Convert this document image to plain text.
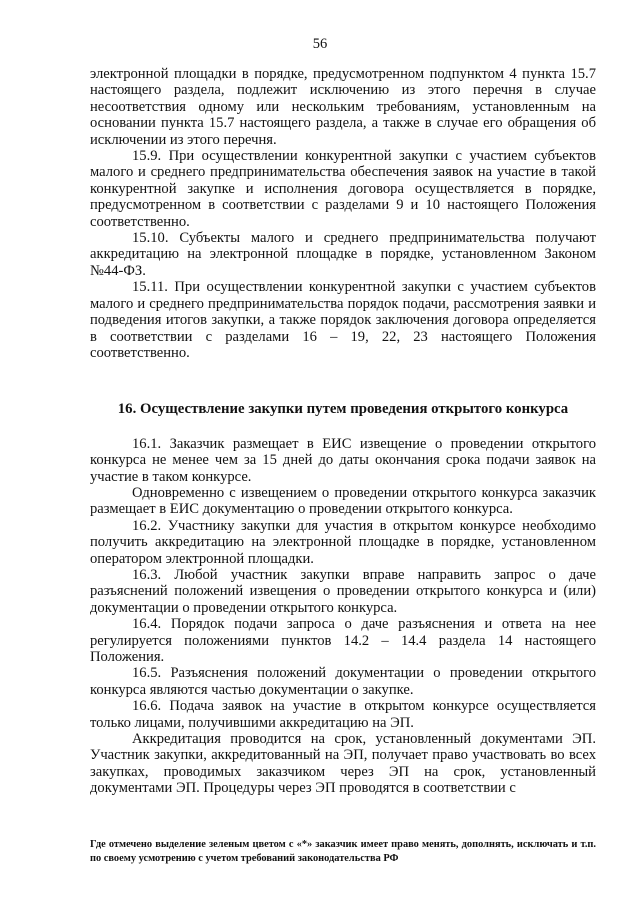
56

электронной площадки в порядке, предусмотренном подпунктом 4 пункта 15.7 настоящего раздела, подлежит исключению из этого перечня в случае несоответствия одному или нескольким требованиям, установленным на основании пункта 15.7 настоящего раздела, а также в случае его обращения об исключении из этого перечня.

15.9. При осуществлении конкурентной закупки с участием субъектов малого и среднего предпринимательства обеспечения заявок на участие в такой конкурентной закупке и исполнения договора осуществляется в порядке, предусмотренном в соответствии с разделами 9 и 10 настоящего Положения соответственно.

15.10. Субъекты малого и среднего предпринимательства получают аккредитацию на электронной площадке в порядке, установленном Законом №44-ФЗ.

15.11. При осуществлении конкурентной закупки с участием субъектов малого и среднего предпринимательства порядок подачи, рассмотрения заявки и подведения итогов закупки, а также порядок заключения договора определяется в соответствии с разделами 16 – 19, 22, 23 настоящего Положения соответственно.

16. Осуществление закупки путем проведения открытого конкурса

16.1. Заказчик размещает в ЕИС извещение о проведении открытого конкурса не менее чем за 15 дней до даты окончания срока подачи заявок на участие в таком конкурсе.

Одновременно с извещением о проведении открытого конкурса заказчик размещает в ЕИС документацию о проведении открытого конкурса.

16.2. Участнику закупки для участия в открытом конкурсе необходимо получить аккредитацию на электронной площадке в порядке, установленном оператором электронной площадки.

16.3. Любой участник закупки вправе направить запрос о даче разъяснений положений извещения о проведении открытого конкурса и (или) документации о проведении открытого конкурса.

16.4. Порядок подачи запроса о даче разъяснения и ответа на нее регулируется положениями пунктов 14.2 – 14.4 раздела 14 настоящего Положения.

16.5. Разъяснения положений документации о проведении открытого конкурса являются частью документации о закупке.

16.6. Подача заявок на участие в открытом конкурсе осуществляется только лицами, получившими аккредитацию на ЭП.

Аккредитация проводится на срок, установленный документами ЭП. Участник закупки, аккредитованный на ЭП, получает право участвовать во всех закупках, проводимых заказчиком через ЭП на срок, установленный документами ЭП. Процедуры через ЭП проводятся в соответствии с

Где отмечено выделение зеленым цветом с «*» заказчик имеет право менять, дополнять, исключать и т.п. по своему усмотрению с учетом требований законодательства РФ
